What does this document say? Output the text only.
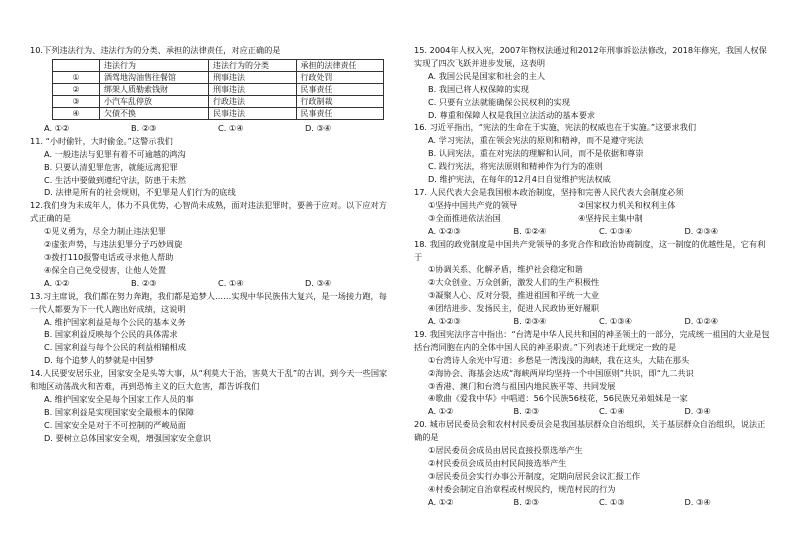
10.下列违法行为、违法行为的分类、承担的法律责任，对应正确的是
	违法行为	违法行为的分类	承担的法律责任
①	酒驾地沟油售往餐馆	刑事违法	行政处罚
②	绑架人质勒索钱财	刑事违法	民事责任
③	小汽车乱停放	行政违法	行政制裁
④	欠债不换	民事违法	民事责任
A. ①②	B. ②③	C. ①④	D. ③④
11. “小时偷针，大时偷金。”这警示我们
A. 一般违法与犯罪有着不可逾越的鸿沟
B. 只要认清犯罪危害，就能远离犯罪
C. 生活中要做到遵纪守法，防患于未然
D. 法律是所有的社会规则，不犯罪是人们行为的底线
12.我们身为未成年人，体力不具优势，心智尚未成熟，面对违法犯罪时，要善于应对。以下应对方式正确的是
①见义勇为，尽全力制止违法犯罪
②虚张声势，与违法犯罪分子巧妙周旋
③拨打110报警电话或寻求他人帮助
④保全自己免受侵害，让他人处置
A. ①②	B. ②③	C. ①④	D. ③④
13.习主席说，我们都在努力奔跑，我们都是追梦人……实现中华民族伟大复兴，是一场接力跑，每一代人都要为下一代人跑出好成绩，这说明
A. 维护国家利益是每个公民的基本义务
B. 国家利益反映每个公民的具体需求
C. 国家利益与每个公民的利益相辅相成
D. 每个追梦人的梦就是中国梦
14.人民要安居乐业，国家安全是头等大事，从“利莫大于治，害莫大于乱”的古训，到今天一些国家和地区动荡战火和苦难，再到恐怖主义的巨大危害，都告诉我们
A. 维护国家安全是每个国家工作人员的事
B. 国家利益是实现国家安全最根本的保障
C. 国家安全是对于不可控制的严峻局面
D. 要树立总体国家安全观，增强国家安全意识
15. 2004年人权入宪，2007年物权法通过和2012年刑事诉讼法修改，2018年修宪，我国人权保实现了四次飞跃并进步发展，这表明
A. 我国公民是国家和社会的主人
B. 我国已将人权保障的实现
C. 只要有立法就能确保公民权利的实现
D. 尊重和保障人权是我国立法活动的基本要求
16. 习近平指出，“宪法的生命在于实施，宪法的权威也在于实施。”这要求我们
A. 学习宪法，重在领会宪法的原则和精神，而不是遵守宪法
B. 认同宪法，重在对宪法的理解和认同，而不是依据和尊崇
C. 践行宪法，将宪法原则和精神作为行为的准则
D. 维护宪法，在每年的12月4日自觉维护宪法权威
17. 人民代表大会是我国根本政治制度，坚持和完善人民代表大会制度必须
①坚持中国共产党的领导	②国家权力机关和权利主体
③全面推进依法治国	④坚持民主集中制
A. ①②③	B. ①②④	C. ①③④	D. ②③④
18. 我国的政党制度是中国共产党领导的多党合作和政治协商制度，这一制度的优越性是，它有利于
①协调关系、化解矛盾，维护社会稳定和谐
②大众创业、万众创新，激发人们的生产积极性
③凝聚人心、反对分裂，推进祖国和平统一大业
④团结进步、发扬民主，促进人民政协更好履职
A. ①②③	B. ②③④	C. ①③④	D. ①②④
19. 我国宪法序言中指出：“台湾是中华人民共和国的神圣领土的一部分，完成统一祖国的大业是包括台湾同胞在内的全体中国人民的神圣职责。”下列表述于此规定一致的是
①台湾诗人余光中写道：乡愁是一湾浅浅的海峡，我在这头，大陆在那头
②海协会、海基会达成“海峡两岸均坚持一个中国原则”共识，即“九二共识
③香港、澳门和台湾与祖国内地民族平等、共同发展
④歌曲《爱我中华》中唱道：56个民族56枝花，56民族兄弟姐妹是一家
A. ①②	B. ②③	C. ①④	D. ③④
20. 城市居民委员会和农村村民委员会是我国基层群众自治组织，关于基层群众自治组织，说法正确的是
①居民委员会成员由居民直接投票选举产生
②村民委员会成员由村民间接选举产生
③居民委员会实行办事公开制度，定期向居民会议汇报工作
④村委会制定自治章程或村规民约，规范村民的行为
A. ①②	B. ②③	C. ①③	D. ③④
